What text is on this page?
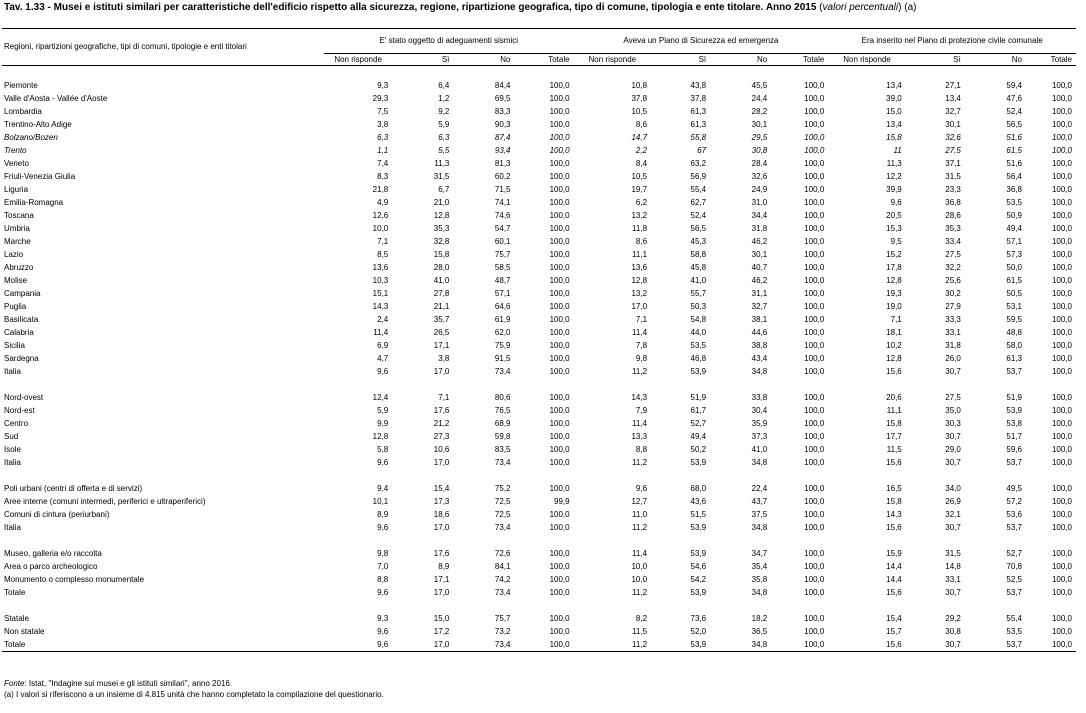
Tav. 1.33 - Musei e istituti similari per caratteristiche dell'edificio rispetto alla sicurezza, regione, ripartizione geografica, tipo di comune, tipologia e ente titolare. Anno 2015 (valori percentuali) (a)
Regioni, ripartizioni geografiche, tipi di comuni, tipologie e enti titolari	E' stato oggetto di adeguamenti sismici				Aveva un Piano di Sicurezza ed emergenza				Era inserito nel Piano di protezione civile comunale			
	Non risponde	Sì	No	Totale	Non risponde	Sì	No	Totale	Non risponde	Sì	No	Totale

Piemonte	9,3	6,4	84,4	100,0	10,8	43,8	45,5	100,0	13,4	27,1	59,4	100,0
Valle d'Aosta - Vallée d'Aoste	29,3	1,2	69,5	100,0	37,8	37,8	24,4	100,0	39,0	13,4	47,6	100,0
Lombardia	7,5	9,2	83,3	100,0	10,5	61,3	28,2	100,0	15,0	32,7	52,4	100,0
Trentino-Alto Adige	3,8	5,9	90,3	100,0	8,6	61,3	30,1	100,0	13,4	30,1	56,5	100,0
Bolzano/Bozen	6,3	6,3	87,4	100,0	14,7	55,8	29,5	100,0	15,8	32,6	51,6	100,0
Trento	1,1	5,5	93,4	100,0	2,2	67	30,8	100,0	11	27,5	61,5	100,0
Veneto	7,4	11,3	81,3	100,0	8,4	63,2	28,4	100,0	11,3	37,1	51,6	100,0
Friuli-Venezia Giulia	8,3	31,5	60,2	100,0	10,5	56,9	32,6	100,0	12,2	31,5	56,4	100,0
Liguria	21,8	6,7	71,5	100,0	19,7	55,4	24,9	100,0	39,9	23,3	36,8	100,0
Emilia-Romagna	4,9	21,0	74,1	100,0	6,2	62,7	31,0	100,0	9,6	36,8	53,5	100,0
Toscana	12,6	12,8	74,6	100,0	13,2	52,4	34,4	100,0	20,5	28,6	50,9	100,0
Umbria	10,0	35,3	54,7	100,0	11,8	56,5	31,8	100,0	15,3	35,3	49,4	100,0
Marche	7,1	32,8	60,1	100,0	8,6	45,3	46,2	100,0	9,5	33,4	57,1	100,0
Lazio	8,5	15,8	75,7	100,0	11,1	58,8	30,1	100,0	15,2	27,5	57,3	100,0
Abruzzo	13,6	28,0	58,5	100,0	13,6	45,8	40,7	100,0	17,8	32,2	50,0	100,0
Molise	10,3	41,0	48,7	100,0	12,8	41,0	46,2	100,0	12,8	25,6	61,5	100,0
Campania	15,1	27,8	57,1	100,0	13,2	55,7	31,1	100,0	19,3	30,2	50,5	100,0
Puglia	14,3	21,1	64,6	100,0	17,0	50,3	32,7	100,0	19,0	27,9	53,1	100,0
Basilicata	2,4	35,7	61,9	100,0	7,1	54,8	38,1	100,0	7,1	33,3	59,5	100,0
Calabria	11,4	26,5	62,0	100,0	11,4	44,0	44,6	100,0	18,1	33,1	48,8	100,0
Sicilia	6,9	17,1	75,9	100,0	7,8	53,5	38,8	100,0	10,2	31,8	58,0	100,0
Sardegna	4,7	3,8	91,5	100,0	9,8	46,8	43,4	100,0	12,8	26,0	61,3	100,0
Italia	9,6	17,0	73,4	100,0	11,2	53,9	34,8	100,0	15,6	30,7	53,7	100,0

Nord-ovest	12,4	7,1	80,6	100,0	14,3	51,9	33,8	100,0	20,6	27,5	51,9	100,0
Nord-est	5,9	17,6	76,5	100,0	7,9	61,7	30,4	100,0	11,1	35,0	53,9	100,0
Centro	9,9	21,2	68,9	100,0	11,4	52,7	35,9	100,0	15,8	30,3	53,8	100,0
Sud	12,8	27,3	59,8	100,0	13,3	49,4	37,3	100,0	17,7	30,7	51,7	100,0
Isole	5,8	10,6	83,5	100,0	8,8	50,2	41,0	100,0	11,5	29,0	59,6	100,0
Italia	9,6	17,0	73,4	100,0	11,2	53,9	34,8	100,0	15,6	30,7	53,7	100,0

Poli urbani (centri di offerta e di servizi)	9,4	15,4	75,2	100,0	9,6	68,0	22,4	100,0	16,5	34,0	49,5	100,0
Aree interne (comuni intermedi, periferici e ultraperiferici)	10,1	17,3	72,5	99,9	12,7	43,6	43,7	100,0	15,8	26,9	57,2	100,0
Comuni di cintura (periurbani)	8,9	18,6	72,5	100,0	11,0	51,5	37,5	100,0	14,3	32,1	53,6	100,0
Italia	9,6	17,0	73,4	100,0	11,2	53,9	34,8	100,0	15,6	30,7	53,7	100,0

Museo, galleria e/o raccolta	9,8	17,6	72,6	100,0	11,4	53,9	34,7	100,0	15,9	31,5	52,7	100,0
Area o parco archeologico	7,0	8,9	84,1	100,0	10,0	54,6	35,4	100,0	14,4	14,8	70,8	100,0
Monumento o complesso monumentale	8,8	17,1	74,2	100,0	10,0	54,2	35,8	100,0	14,4	33,1	52,5	100,0
Totale	9,6	17,0	73,4	100,0	11,2	53,9	34,8	100,0	15,6	30,7	53,7	100,0

Statale	9,3	15,0	75,7	100,0	8,2	73,6	18,2	100,0	15,4	29,2	55,4	100,0
Non statale	9,6	17,2	73,2	100,0	11,5	52,0	36,5	100,0	15,7	30,8	53,5	100,0
Totale	9,6	17,0	73,4	100,0	11,2	53,9	34,8	100,0	15,6	30,7	53,7	100,0
Fonte: Istat, "Indagine sui musei e gli istituti similari", anno 2016.
(a) I valori si riferiscono a un insieme di 4.815 unità che hanno completato la compilazione del questionario.
